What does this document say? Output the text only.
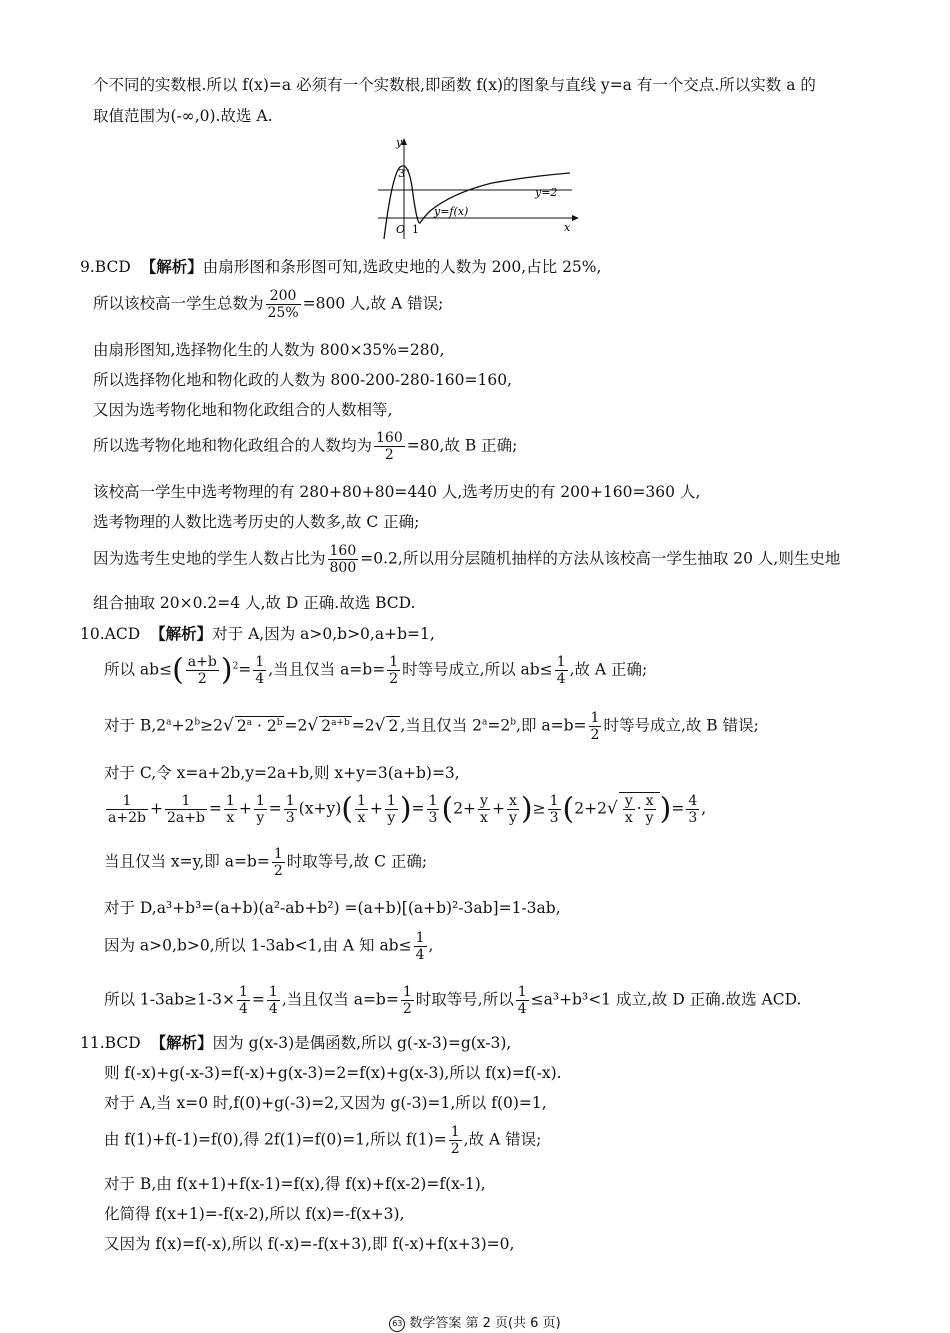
个不同的实数根.所以 f(x)=a 必须有一个实数根,即函数 f(x)的图象与直线 y=a 有一个交点.所以实数 a 的
取值范围为(-∞,0).故选 A.
y
x
O 1
3
y=2
y=f(x)
9.BCD 【解析】由扇形图和条形图可知,选政史地的人数为 200,占比 25%,
所以该校高一学生总数为 $\frac{200}{25\%} =800$ 人,故 A 错误;
由扇形图知,选择物化生的人数为 800×35%=280,
所以选择物化地和物化政的人数为 800-200-280-160=160,
又因为选考物化地和物化政组合的人数相等,
所以选考物化地和物化政组合的人数均为 $\frac{160}{2} =80$,故 B 正确;
该校高一学生中选考物理的有 280+80+80=440 人,选考历史的有 200+160=360 人,
选考物理的人数比选考历史的人数多,故 C 正确;
因为选考生史地的学生人数占比为 $\frac{160}{800} =0.2$,所以用分层随机抽样的方法从该校高一学生抽取 20 人,则生史地
组合抽取 20×0.2=4 人,故 D 正确.故选 BCD.
10.ACD 【解析】对于 A,因为 a>0,b>0,a+b=1,
所以 $ab\le( \frac{a+b}{2} )^2= \frac{1}{4}$ ,当且仅当 $a=b= \frac{1}{2}$ 时等号成立,所以 $ab\le \frac{1}{4}$ ,故 A 正确;
对于 $B,2^a+2^b\ge 2√$ $2^a \cdot 2^b =2√$ $2^{a+b} =2√$ 2 ,当且仅当 $2^a=2^b$,即 $a=b= \frac{1}{2}$ 时等号成立,故 B 错误;
对于 C,令 x=a+2b,y=2a+b,则 x+y=3(a+b)=3,
$\frac{1}{a+2b} + \frac{1}{2a+b} = \frac{1}{x} + \frac{1}{y} = \frac{1}{3} (x+y)( \frac{1}{x} + \frac{1}{y}$ )= $\frac{1}{3} (2+ \frac{y}{x} + \frac{x}{y}$ )≥ $\frac{1}{3} (2+2√ \frac{y}{x} \cdot \frac{x}{y}$ )= $\frac{4}{3}$ ,
当且仅当 x=y,即 $a=b= \frac{1}{2}$ 时取等号,故 C 正确;
对于 D,a³+b³=(a+b)(a²-ab+b²) =(a+b)[(a+b)²-3ab]=1-3ab,
因为 a>0,b>0,所以 1-3ab<1,由 A 知 $ab\le \frac{1}{4}$ ,
所以 $1-3ab\ge 1-3\times \frac{1}{4} = \frac{1}{4}$ ,当且仅当 $a=b= \frac{1}{2}$ 时取等号,所以 $\frac{1}{4} \le a^3+b^3<1$ 成立,故 D 正确.故选 ACD.
11.BCD 【解析】因为 g(x-3)是偶函数,所以 g(-x-3)=g(x-3),
则 f(-x)+g(-x-3)=f(-x)+g(x-3)=2=f(x)+g(x-3),所以 f(x)=f(-x).
对于 A,当 x=0 时,f(0)+g(-3)=2,又因为 g(-3)=1,所以 f(0)=1,
由 f(1)+f(-1)=f(0),得 2f(1)=f(0)=1,所以 $f(1)= \frac{1}{2}$ ,故 A 错误;
对于 B,由 f(x+1)+f(x-1)=f(x),得 f(x)+f(x-2)=f(x-1),
化简得 f(x+1)=-f(x-2),所以 f(x)=-f(x+3),
又因为 f(x)=f(-x),所以 f(-x)=-f(x+3),即 f(-x)+f(x+3)=0,
63 数学答案 第 2 页(共 6 页)
